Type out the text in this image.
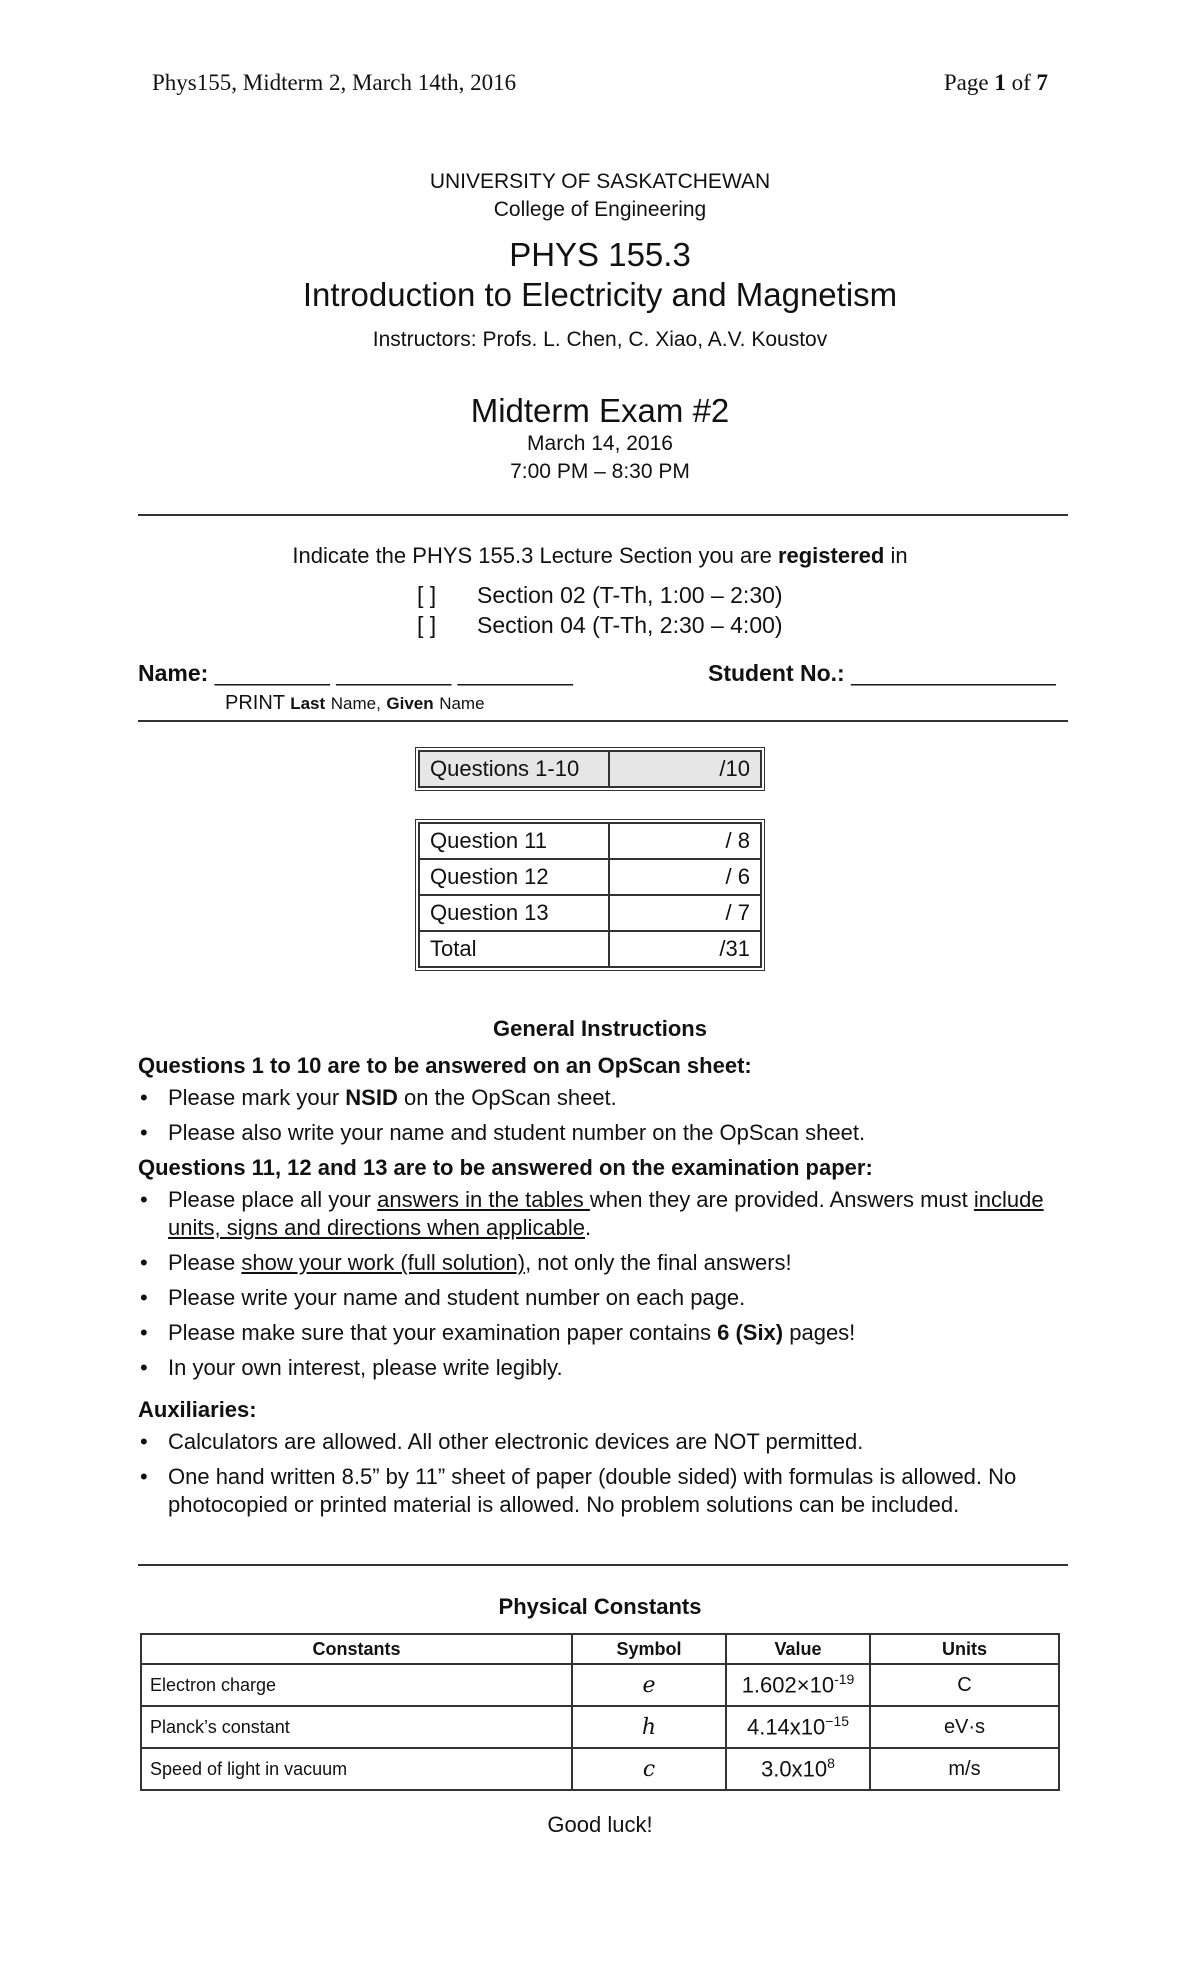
Phys155, Midterm 2, March 14th, 2016	Page 1 of 7
UNIVERSITY OF SASKATCHEWAN
College of Engineering
PHYS 155.3
Introduction to Electricity and Magnetism
Instructors: Profs. L. Chen, C. Xiao, A.V. Koustov
Midterm Exam #2
March 14, 2016
7:00 PM – 8:30 PM
Indicate the PHYS 155.3 Lecture Section you are registered in
[ ] Section 02 (T-Th, 1:00 – 2:30)
[ ] Section 04 (T-Th, 2:30 – 4:00)
Name: _________ _________ _________	Student No.: ________________
PRINT Last Name, Given Name
Questions 1-10	/10
Question 11	/ 8
Question 12	/ 6
Question 13	/ 7
Total	/31
General Instructions

Questions 1 to 10 are to be answered on an OpScan sheet:

• Please mark your NSID on the OpScan sheet.
• Please also write your name and student number on the OpScan sheet.

Questions 11, 12 and 13 are to be answered on the examination paper:

• Please place all your answers in the tables when they are provided. Answers must include units, signs and directions when applicable.
• Please show your work (full solution), not only the final answers!
• Please write your name and student number on each page.
• Please make sure that your examination paper contains 6 (Six) pages!
• In your own interest, please write legibly.

Auxiliaries:

• Calculators are allowed. All other electronic devices are NOT permitted.
• One hand written 8.5” by 11” sheet of paper (double sided) with formulas is allowed. No photocopied or printed material is allowed. No problem solutions can be included.
Physical Constants
Constants	Symbol	Value	Units
Electron charge	e	$1.602\times 10^{-19}$	C
Planck’s constant	h	$4.14x10^{-15}$	eV·s
Speed of light in vacuum	c	$3.0x10^8$	m/s
Good luck!
